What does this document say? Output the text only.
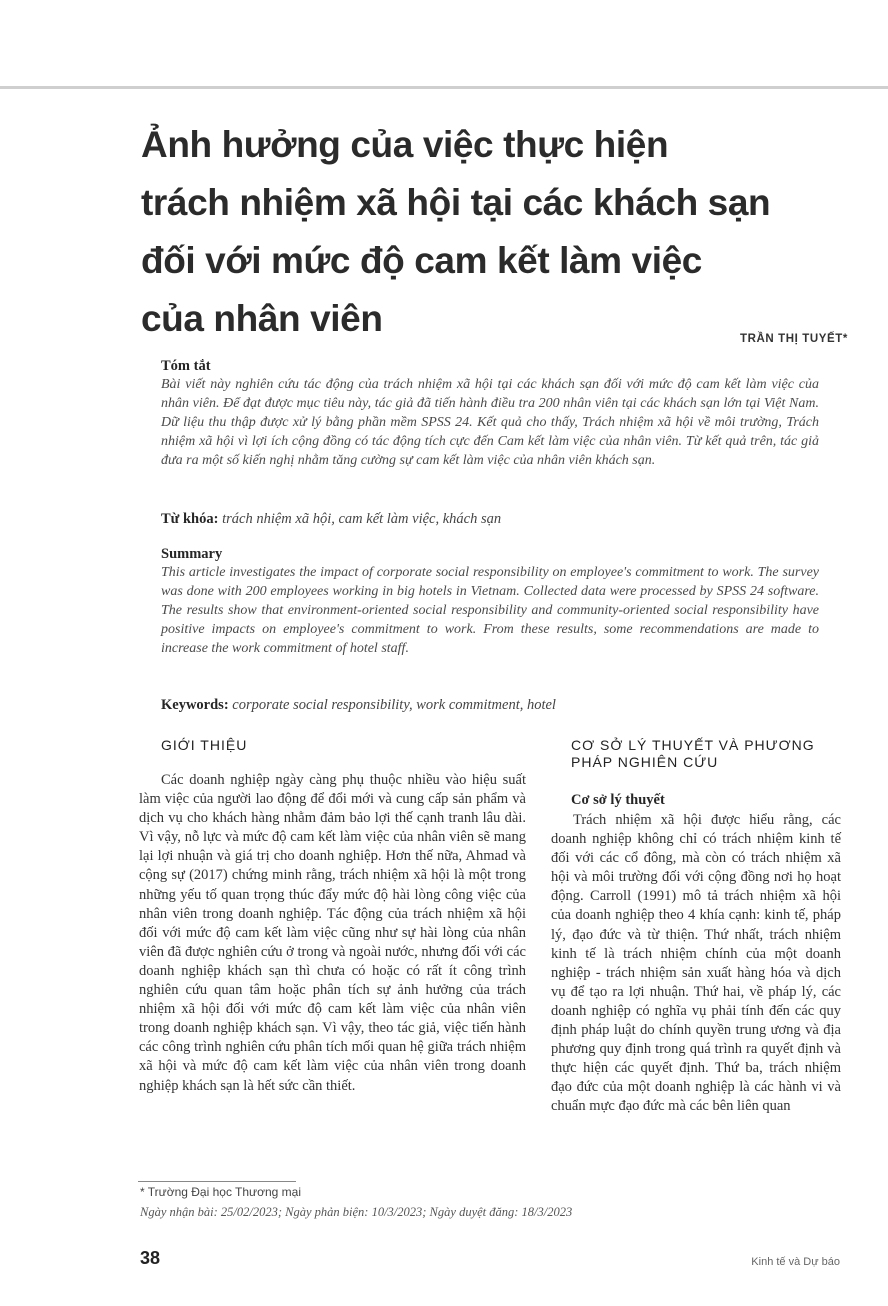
Ảnh hưởng của việc thực hiện
trách nhiệm xã hội tại các khách sạn
đối với mức độ cam kết làm việc
của nhân viên	TRẦN THỊ TUYẾT*
Tóm tắt
Bài viết này nghiên cứu tác động của trách nhiệm xã hội tại các khách sạn đối với mức độ cam kết làm việc của nhân viên. Để đạt được mục tiêu này, tác giả đã tiến hành điều tra 200 nhân viên tại các khách sạn lớn tại Việt Nam. Dữ liệu thu thập được xử lý bằng phần mềm SPSS 24. Kết quả cho thấy, Trách nhiệm xã hội về môi trường, Trách nhiệm xã hội vì lợi ích cộng đồng có tác động tích cực đến Cam kết làm việc của nhân viên. Từ kết quả trên, tác giả đưa ra một số kiến nghị nhằm tăng cường sự cam kết làm việc của nhân viên khách sạn.
Từ khóa: trách nhiệm xã hội, cam kết làm việc, khách sạn
Summary
This article investigates the impact of corporate social responsibility on employee's commitment to work. The survey was done with 200 employees working in big hotels in Vietnam. Collected data were processed by SPSS 24 software. The results show that environment-oriented social responsibility and community-oriented social responsibility have positive impacts on employee's commitment to work. From these results, some recommendations are made to increase the work commitment of hotel staff.
Keywords: corporate social responsibility, work commitment, hotel
GIỚI THIỆU

Các doanh nghiệp ngày càng phụ thuộc nhiều vào hiệu suất làm việc của người lao động để đổi mới và cung cấp sản phẩm và dịch vụ cho khách hàng nhằm đảm bảo lợi thế cạnh tranh lâu dài. Vì vậy, nỗ lực và mức độ cam kết làm việc của nhân viên sẽ mang lại lợi nhuận và giá trị cho doanh nghiệp. Hơn thế nữa, Ahmad và cộng sự (2017) chứng minh rằng, trách nhiệm xã hội là một trong những yếu tố quan trọng thúc đẩy mức độ hài lòng công việc của nhân viên trong doanh nghiệp. Tác động của trách nhiệm xã hội đối với mức độ cam kết làm việc cũng như sự hài lòng của nhân viên đã được nghiên cứu ở trong và ngoài nước, nhưng đối với các doanh nghiệp khách sạn thì chưa có hoặc có rất ít công trình nghiên cứu quan tâm hoặc phân tích sự ảnh hưởng của trách nhiệm xã hội đối với mức độ cam kết làm việc của nhân viên trong doanh nghiệp khách sạn. Vì vậy, theo tác giả, việc tiến hành các công trình nghiên cứu phân tích mối quan hệ giữa trách nhiệm xã hội và mức độ cam kết làm việc của nhân viên trong doanh nghiệp khách sạn là hết sức cần thiết.

CƠ SỞ LÝ THUYẾT VÀ PHƯƠNG
PHÁP NGHIÊN CỨU
Cơ sở lý thuyết

Trách nhiệm xã hội được hiểu rằng, các doanh nghiệp không chỉ có trách nhiệm kinh tế đối với các cổ đông, mà còn có trách nhiệm xã hội và môi trường đối với cộng đồng nơi họ hoạt động. Carroll (1991) mô tả trách nhiệm xã hội của doanh nghiệp theo 4 khía cạnh: kinh tế, pháp lý, đạo đức và từ thiện. Thứ nhất, trách nhiệm kinh tế là trách nhiệm chính của một doanh nghiệp - trách nhiệm sản xuất hàng hóa và dịch vụ để tạo ra lợi nhuận. Thứ hai, về pháp lý, các doanh nghiệp có nghĩa vụ phải tính đến các quy định pháp luật do chính quyền trung ương và địa phương quy định trong quá trình ra quyết định và thực hiện các quyết định. Thứ ba, trách nhiệm đạo đức của một doanh nghiệp là các hành vi và chuẩn mực đạo đức mà các bên liên quan

* Trường Đại học Thương mại
Ngày nhận bài: 25/02/2023; Ngày phản biện: 10/3/2023; Ngày duyệt đăng: 18/3/2023
38	Kinh tế và Dự báo
